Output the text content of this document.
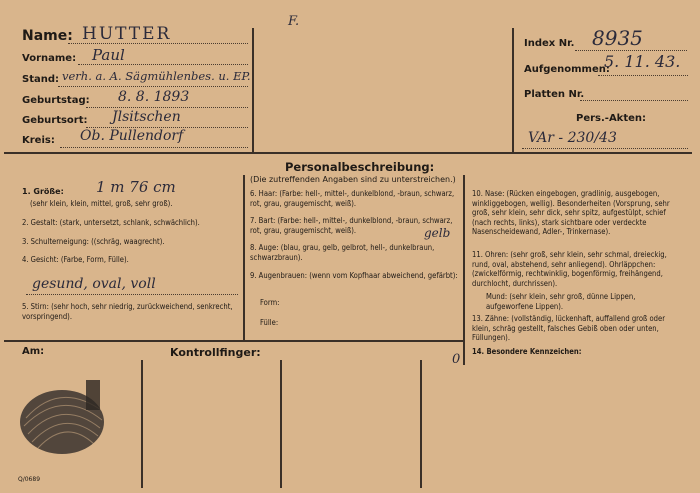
Name: HUTTER
Vorname: Paul
Stand: verh. a. A. Sägmühlenbes. u. EP.
Geburtstag: 8. 8. 1893
Geburtsort: Jlsitschen
Kreis: Ob. Pullendorf
F.
Index Nr. 8935
Aufgenommen:
5. 11. 43.
Platten Nr.
Pers.-Akten:
VAr - 230/43
Personalbeschreibung:
(Die zutreffenden Angaben sind zu unterstreichen.)
1. Größe: 1 m 76 cm
(sehr klein, klein, mittel, groß, sehr groß).
2. Gestalt: (stark, untersetzt, schlank, schwächlich).
3. Schulterneigung: ((schräg, waagrecht).
4. Gesicht: (Farbe, Form, Fülle).
gesund, oval, voll
5. Stirn: (sehr hoch, sehr niedrig, zurückweichend, senkrecht, vorspringend).
6. Haar: (Farbe: hell-, mittel-, dunkelblond, -braun, schwarz, rot, grau, graugemischt, weiß).
7. Bart: (Farbe: hell-, mittel-, dunkelblond, -braun, schwarz, rot, grau, graugemischt, weiß).
8. Auge: (blau, grau, gelb, gelbrot, hell-, dunkelbraun, schwarzbraun).
gelb
9. Augenbrauen: (wenn vom Kopfhaar abweichend, gefärbt):
Form:
Fülle:
10. Nase: (Rücken eingebogen, gradlinig, ausgebogen, winkliggebogen, wellig). Besonderheiten (Vorsprung, sehr groß, sehr klein, sehr dick, sehr spitz, aufgestülpt, schief (nach rechts, links), stark sichtbare oder verdeckte Nasenscheidewand, Adler-, Trinkernase).
11. Ohren: (sehr groß, sehr klein, sehr schmal, dreieckig, rund, oval, abstehend, sehr anliegend). Ohrläppchen: (zwickelförmig, rechtwinklig, bogenförmig, freihängend, durchlocht, durchrissen).
Mund: (sehr klein, sehr groß, dünne Lippen, aufgeworfene Lippen).
13. Zähne: (vollständig, lückenhaft, auffallend groß oder klein, schräg gestellt, falsches Gebiß oben oder unten, Füllungen).
14. Besondere Kennzeichen:
0
Am:	Kontrollfinger:
Q/0689
